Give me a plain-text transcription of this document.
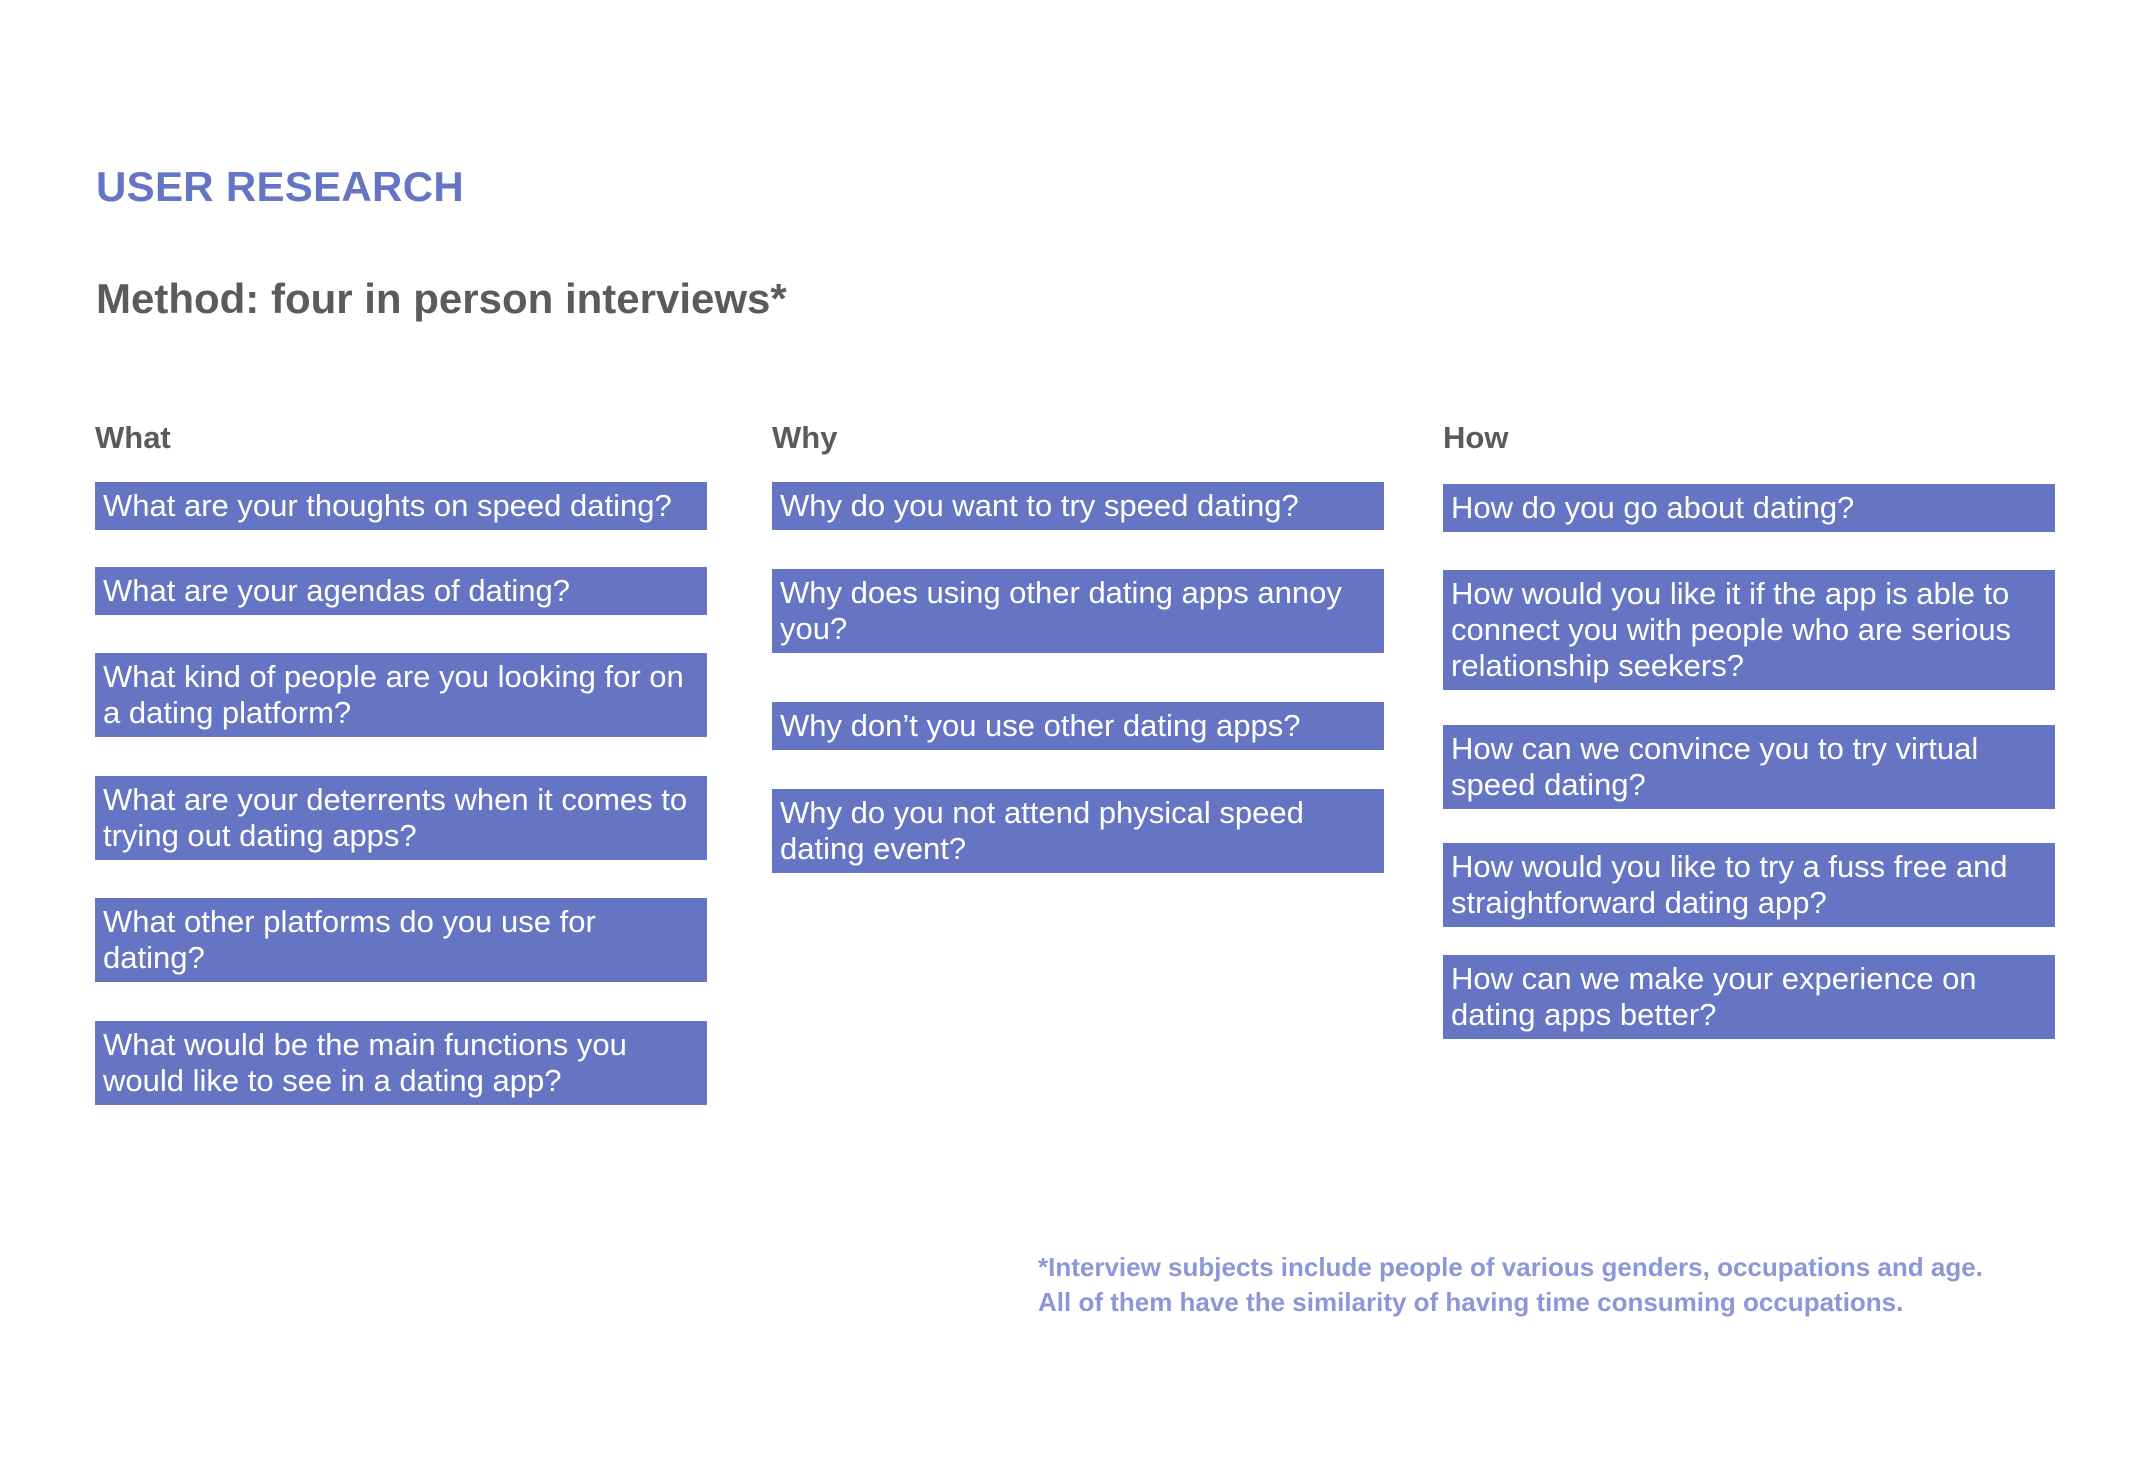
USER RESEARCH
Method: four in person interviews*
What
What are your thoughts on speed dating?
What are your agendas of dating?
What kind of people are you looking for on a dating platform?
What are your deterrents when it comes to trying out dating apps?
What other platforms do you use for dating?
What would be the main functions you would like to see in a dating app?
Why
Why do you want to try speed dating?
Why does using other dating apps annoy you?
Why don’t you use other dating apps?
Why do you not attend physical speed dating event?
How
How do you go about dating?
How would you like it if the app is able to connect you with people who are serious relationship seekers?
How can we convince you to try virtual speed dating?
How would you like to try a fuss free and straightforward dating app?
How can we make your experience on dating apps better?

*Interview subjects include people of various genders, occupations and age.
All of them have the similarity of having time consuming occupations.
